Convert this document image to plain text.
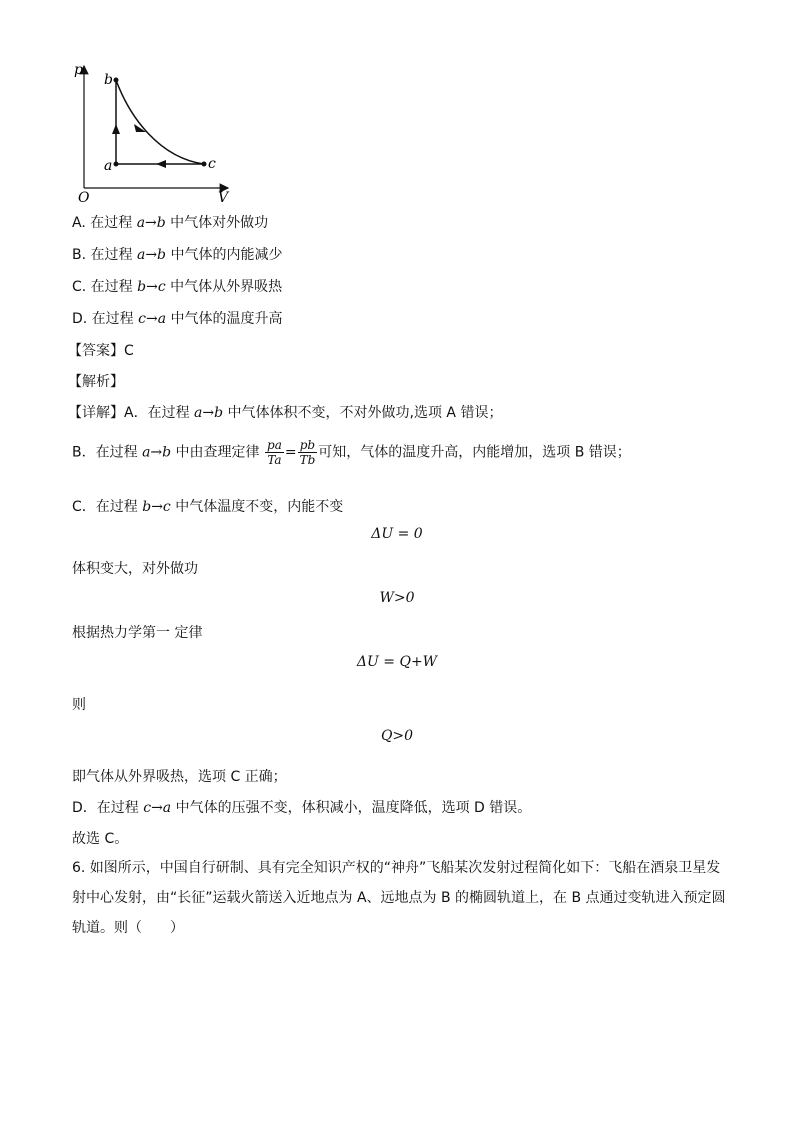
p
V
O
b
a	c
A. 在过程 a→b 中气体对外做功
B. 在过程 a→b 中气体的内能减少
C. 在过程 b→c 中气体从外界吸热
D. 在过程 c→a 中气体的温度升高
【答案】C
【解析】
【详解】A．在过程 a→b 中气体体积不变，不对外做功,选项 A 错误；
B．在过程 a→b 中由查理定律 $\frac{pa}{Ta} = \frac{pb}{Tb}$ 可知，气体的温度升高，内能增加，选项 B 错误；
C．在过程 b→c 中气体温度不变，内能不变
ΔU = 0
体积变大，对外做功
W>0
根据热力学第一 定律
ΔU = Q+W
则
Q>0
即气体从外界吸热，选项 C 正确；
D．在过程 c→a 中气体的压强不变，体积减小，温度降低，选项 D 错误。
故选 C。
6. 如图所示，中国自行研制、具有完全知识产权的“神舟”飞船某次发射过程简化如下：飞船在酒泉卫星发射中心发射，由“长征”运载火箭送入近地点为 A、远地点为 B 的椭圆轨道上，在 B 点通过变轨进入预定圆轨道。则（　　）
